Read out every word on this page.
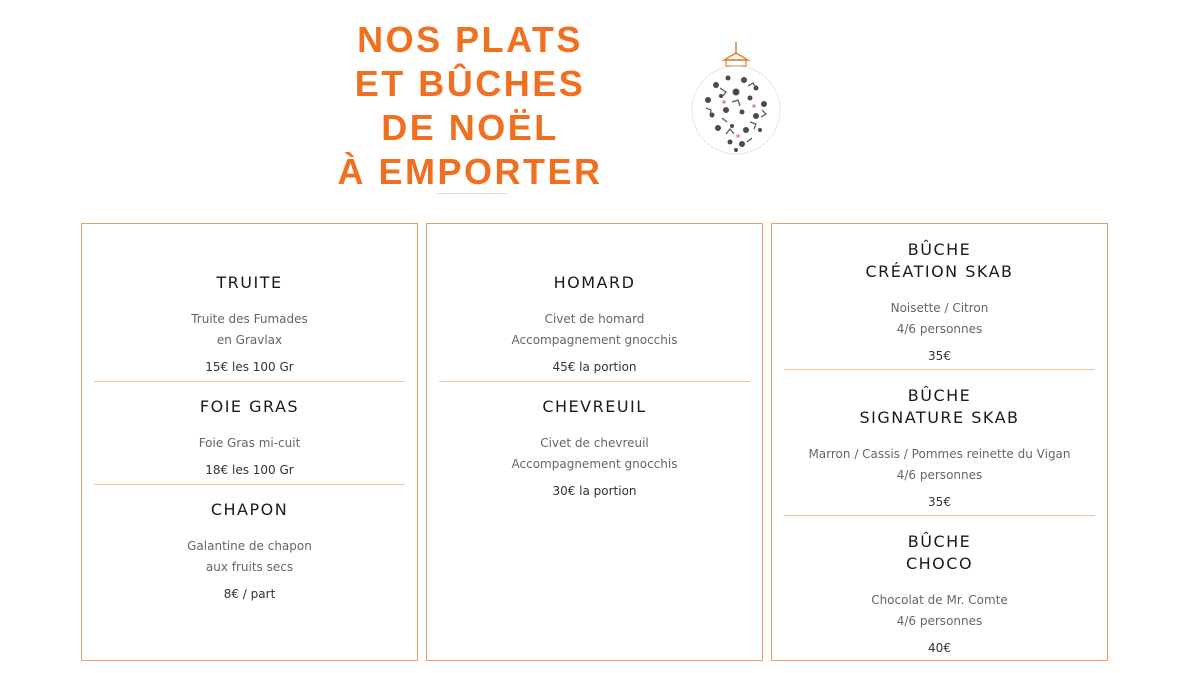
NOS PLATS
ET BÛCHES
DE NOËL
À EMPORTER
TRUITE
Truite des Fumades
en Gravlax
15€ les 100 Gr
FOIE GRAS
Foie Gras mi-cuit
18€ les 100 Gr
CHAPON
Galantine de chapon
aux fruits secs
8€ / part
HOMARD
Civet de homard
Accompagnement gnocchis
45€ la portion
CHEVREUIL
Civet de chevreuil
Accompagnement gnocchis
30€ la portion
BÛCHE
CRÉATION SKAB
Noisette / Citron
4/6 personnes
35€
BÛCHE
SIGNATURE SKAB
Marron / Cassis / Pommes reinette du Vigan
4/6 personnes
35€
BÛCHE
CHOCO
Chocolat de Mr. Comte
4/6 personnes
40€
